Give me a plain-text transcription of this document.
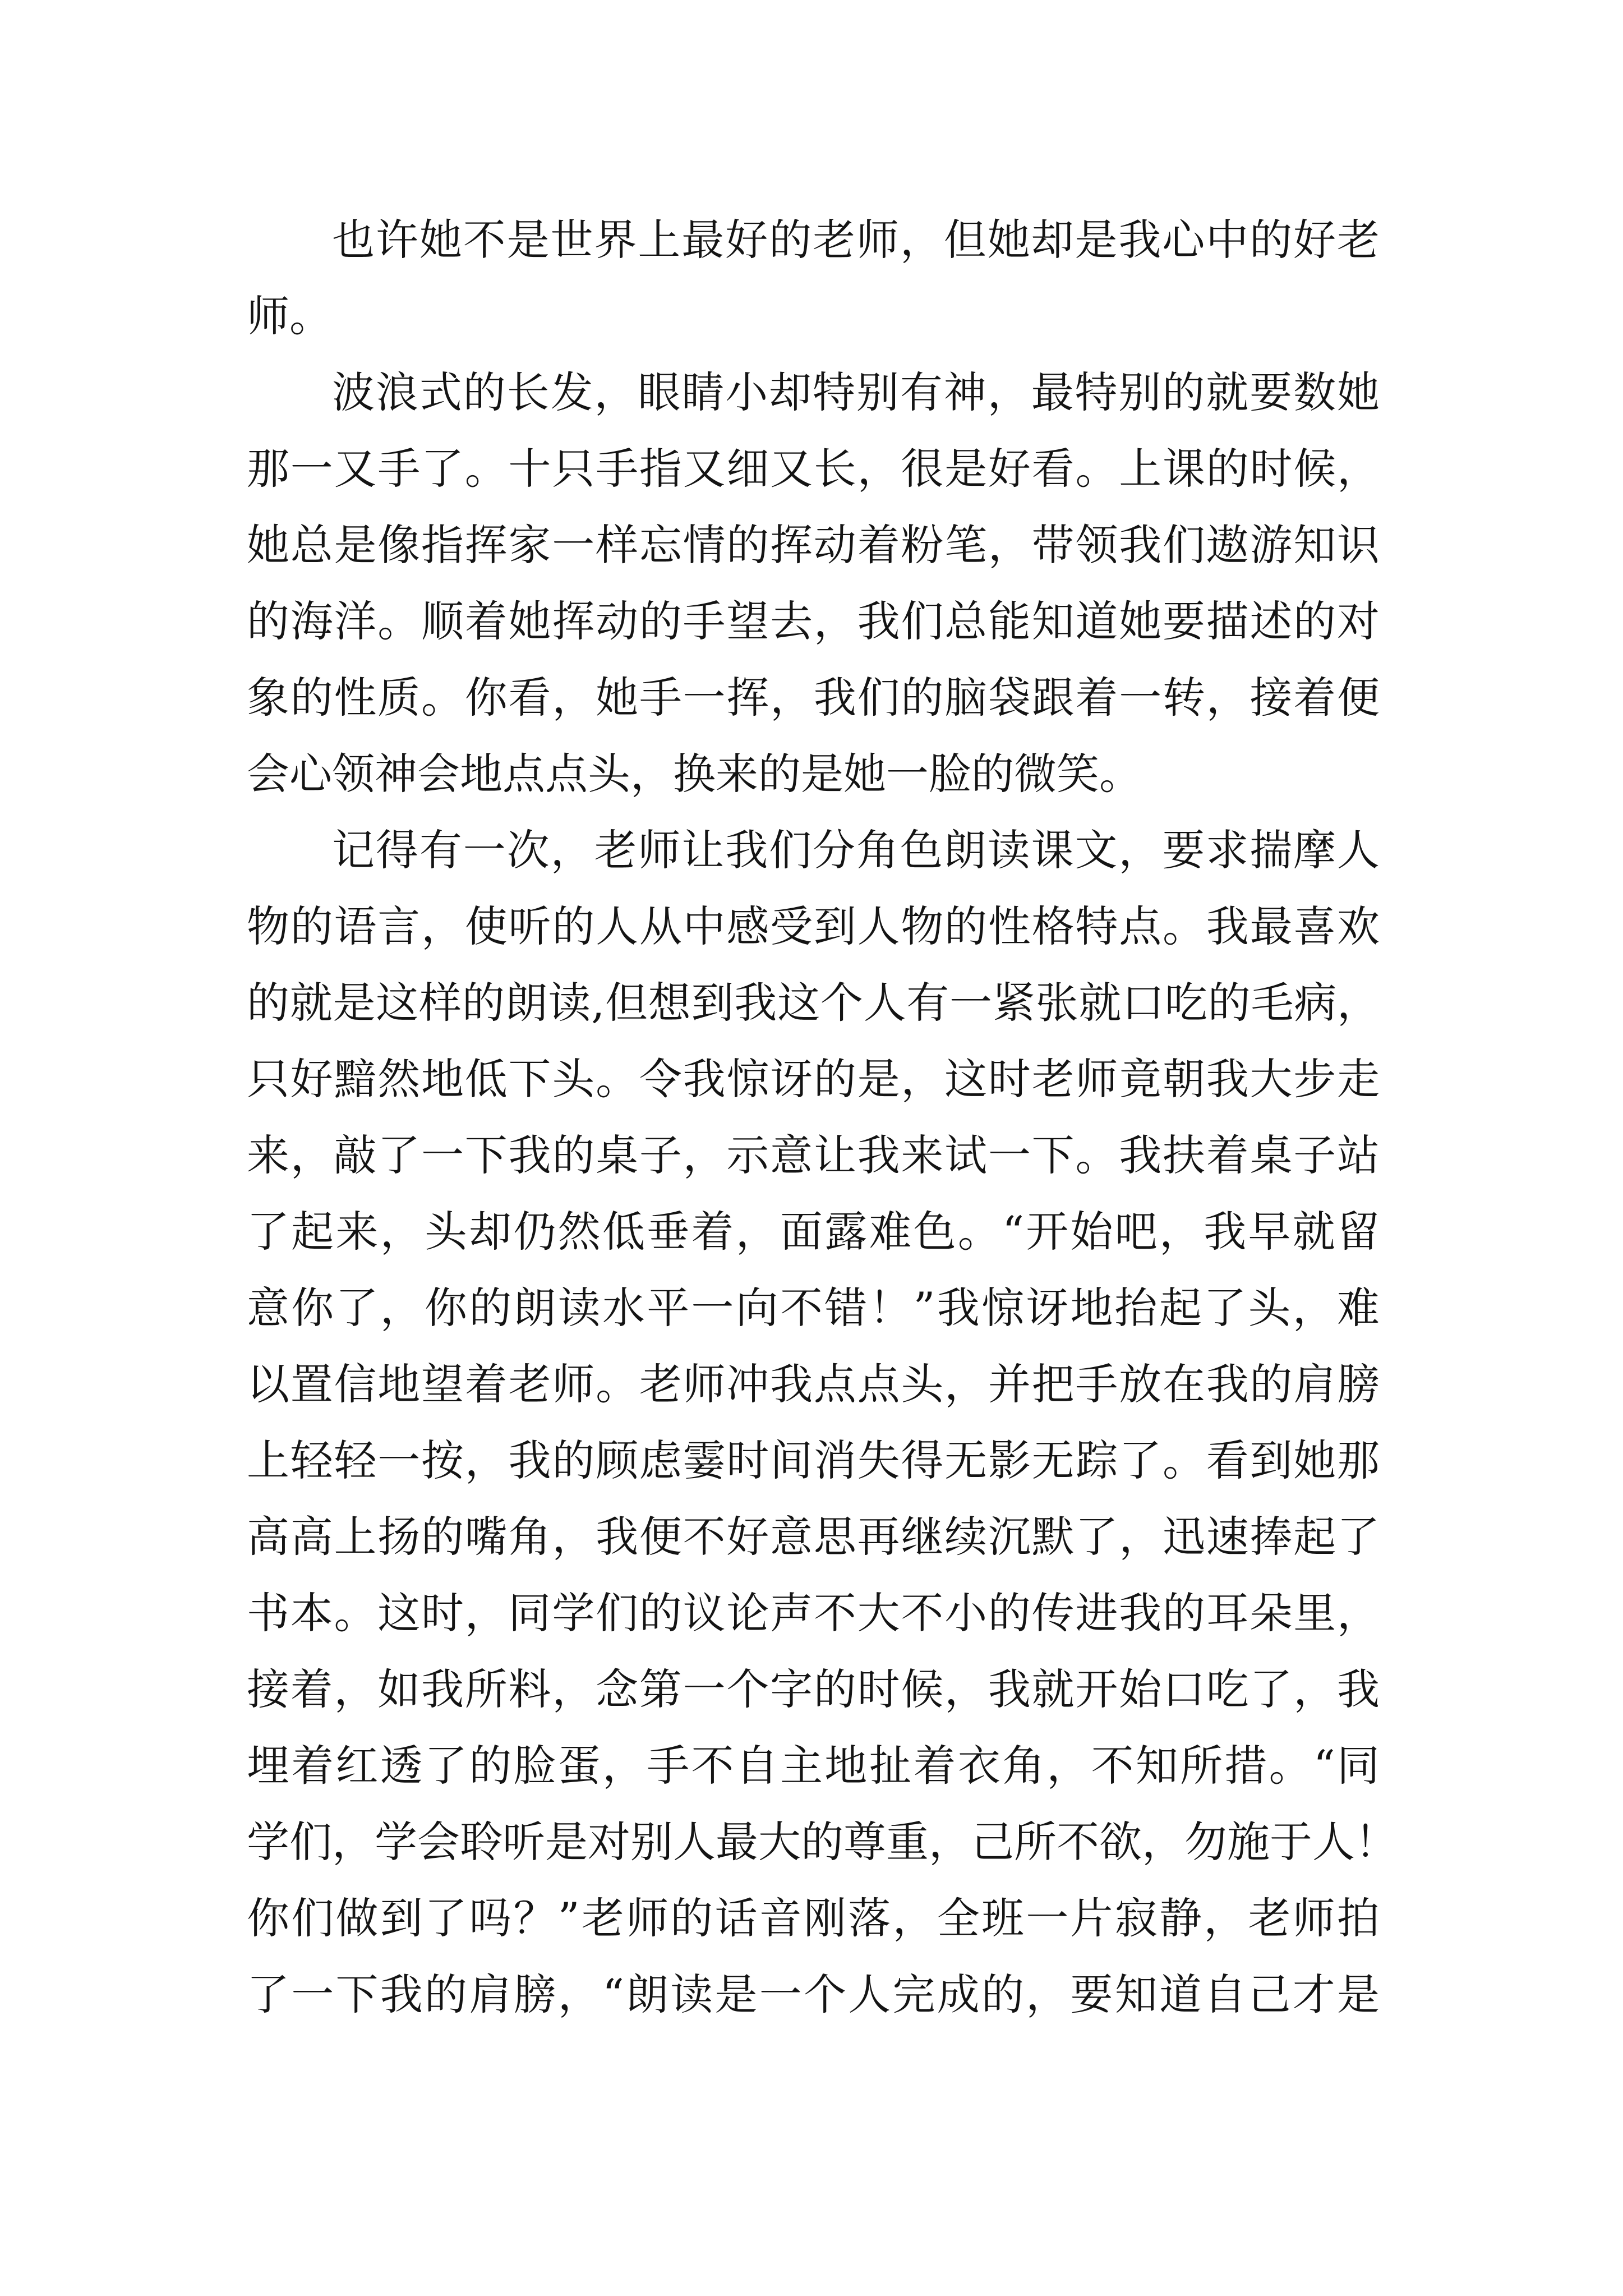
也许她不是世界上最好的老师，但她却是我心中的好老
师。
波浪式的长发，眼睛小却特别有神，最特别的就要数她
那一又手了。十只手指又细又长，很是好看。上课的时候，
她总是像指挥家一样忘情的挥动着粉笔，带领我们遨游知识
的海洋。顺着她挥动的手望去，我们总能知道她要描述的对
象的性质。你看，她手一挥，我们的脑袋跟着一转，接着便
会心领神会地点点头，换来的是她一脸的微笑。
记得有一次，老师让我们分角色朗读课文，要求揣摩人
物的语言，使听的人从中感受到人物的性格特点。我最喜欢
的就是这样的朗读,但想到我这个人有一紧张就口吃的毛病，
只好黯然地低下头。令我惊讶的是，这时老师竟朝我大步走
来，敲了一下我的桌子，示意让我来试一下。我扶着桌子站
了起来，头却仍然低垂着，面露难色。“开始吧，我早就留
意你了，你的朗读水平一向不错！”我惊讶地抬起了头，难
以置信地望着老师。老师冲我点点头，并把手放在我的肩膀
上轻轻一按，我的顾虑霎时间消失得无影无踪了。看到她那
高高上扬的嘴角，我便不好意思再继续沉默了，迅速捧起了
书本。这时，同学们的议论声不大不小的传进我的耳朵里，
接着，如我所料，念第一个字的时候，我就开始口吃了，我
埋着红透了的脸蛋，手不自主地扯着衣角，不知所措。“同
学们，学会聆听是对别人最大的尊重，己所不欲，勿施于人！
你们做到了吗？”老师的话音刚落，全班一片寂静，老师拍
了一下我的肩膀，“朗读是一个人完成的，要知道自己才是
